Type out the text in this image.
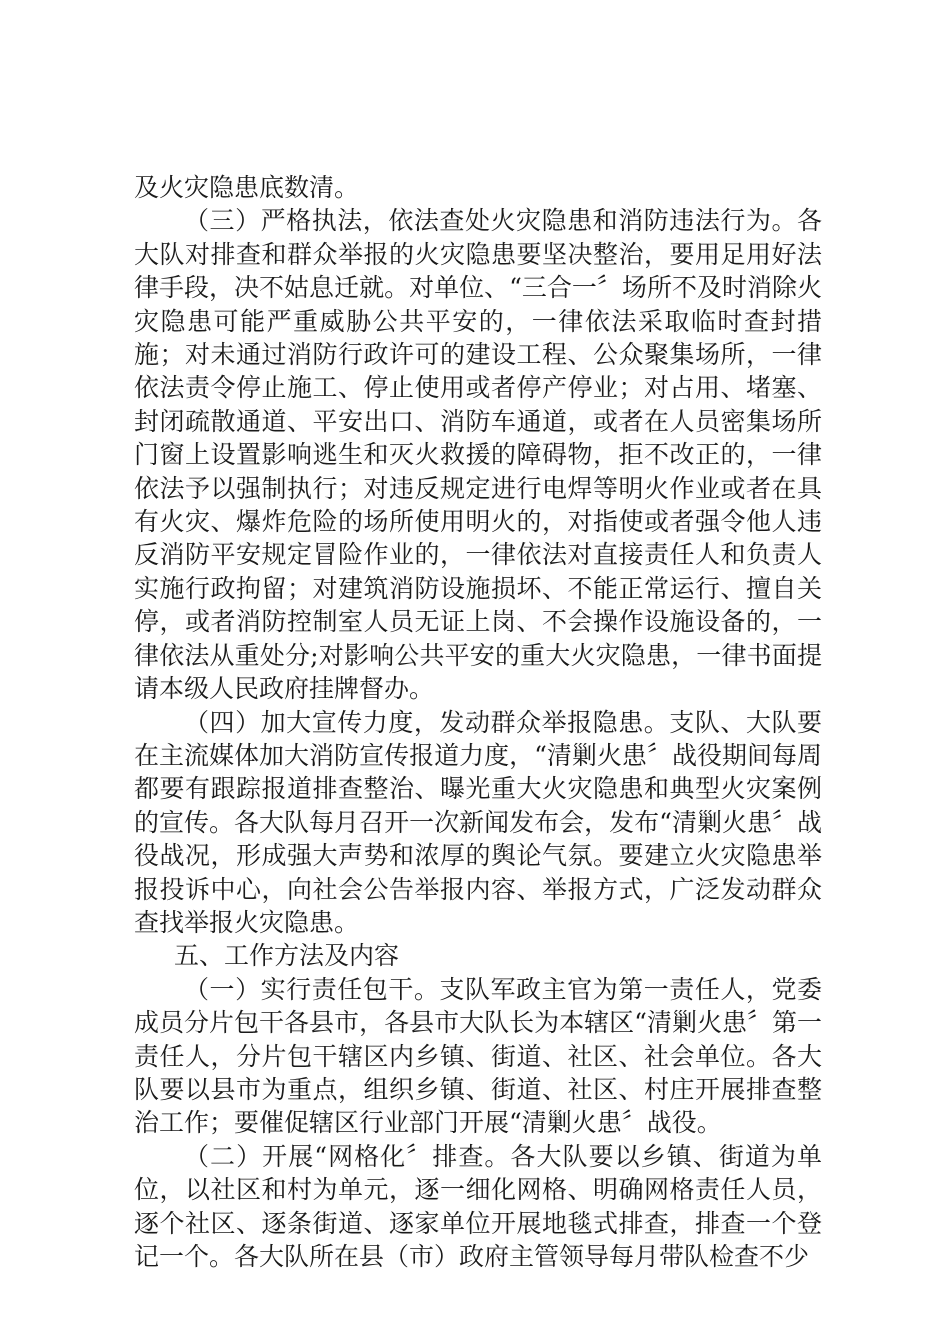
及火灾隐患底数清。

（三）严格执法，依法查处火灾隐患和消防违法行为。各大队对排查和群众举报的火灾隐患要坚决整治，要用足用好法律手段，决不姑息迁就。对单位、“三合一〞场所不及时消除火灾隐患可能严重威胁公共平安的，一律依法采取临时查封措施；对未通过消防行政许可的建设工程、公众聚集场所，一律依法责令停止施工、停止使用或者停产停业；对占用、堵塞、封闭疏散通道、平安出口、消防车通道，或者在人员密集场所门窗上设置影响逃生和灭火救援的障碍物，拒不改正的，一律依法予以强制执行；对违反规定进行电焊等明火作业或者在具有火灾、爆炸危险的场所使用明火的，对指使或者强令他人违反消防平安规定冒险作业的，一律依法对直接责任人和负责人实施行政拘留；对建筑消防设施损坏、不能正常运行、擅自关停，或者消防控制室人员无证上岗、不会操作设施设备的，一律依法从重处分;对影响公共平安的重大火灾隐患，一律书面提请本级人民政府挂牌督办。

（四）加大宣传力度，发动群众举报隐患。支队、大队要在主流媒体加大消防宣传报道力度，“清剿火患〞战役期间每周都要有跟踪报道排查整治、曝光重大火灾隐患和典型火灾案例的宣传。各大队每月召开一次新闻发布会，发布“清剿火患〞战役战况，形成强大声势和浓厚的舆论气氛。要建立火灾隐患举报投诉中心，向社会公告举报内容、举报方式，广泛发动群众查找举报火灾隐患。

五、工作方法及内容

（一）实行责任包干。支队军政主官为第一责任人，党委成员分片包干各县市，各县市大队长为本辖区“清剿火患〞第一责任人，分片包干辖区内乡镇、街道、社区、社会单位。各大队要以县市为重点，组织乡镇、街道、社区、村庄开展排查整治工作；要催促辖区行业部门开展“清剿火患〞战役。

（二）开展“网格化〞排查。各大队要以乡镇、街道为单位，以社区和村为单元，逐一细化网格、明确网格责任人员，逐个社区、逐条街道、逐家单位开展地毯式排查，排查一个登记一个。各大队所在县（市）政府主管领导每月带队检查不少
